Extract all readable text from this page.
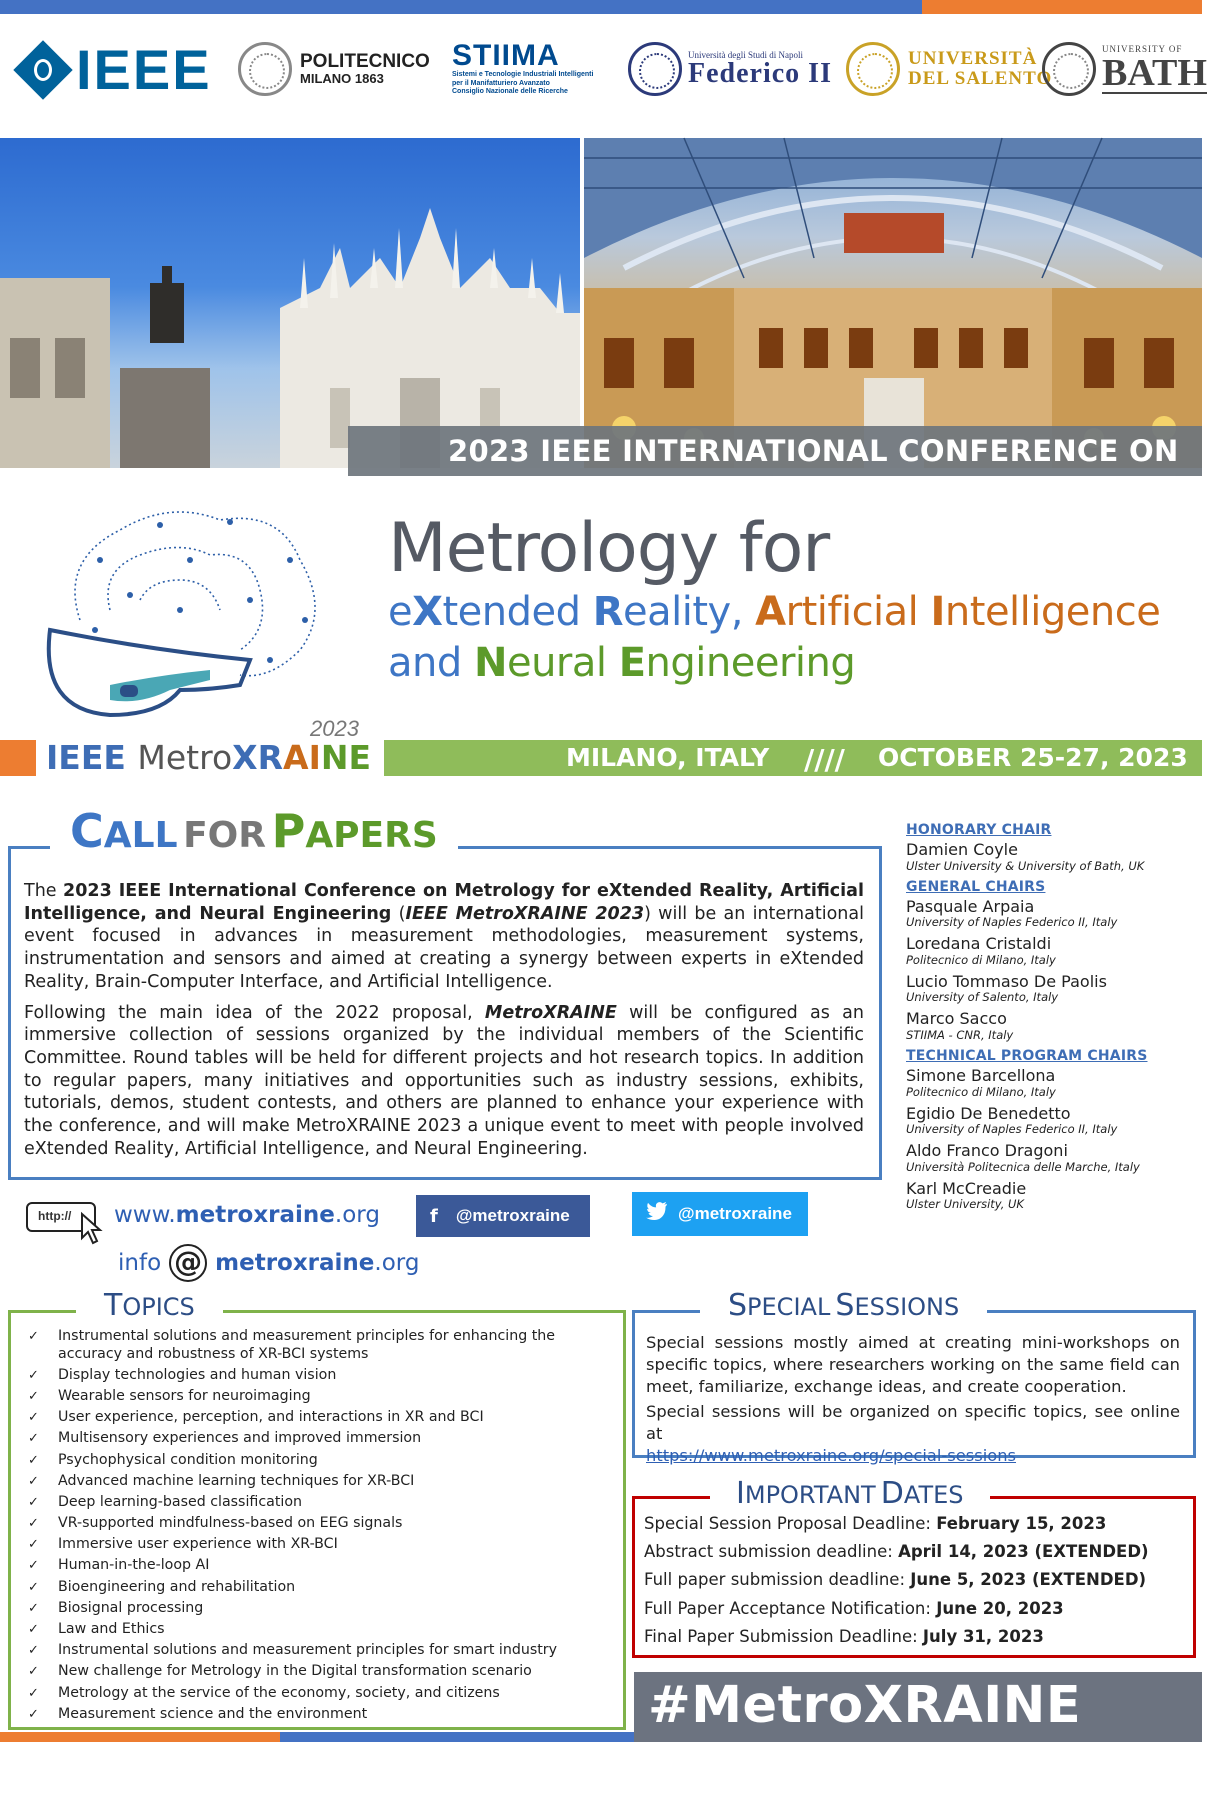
IEEE	POLITECNICO
MILANO 1863
STIIMA
Sistemi e Tecnologie Industriali Intelligenti per il Manifatturiero Avanzato
Consiglio Nazionale delle Ricerche
Università degli Studi di Napoli
Federico II	UNIVERSITÀ
DEL SALENTO
UNIVERSITY OF
BATH
2023 IEEE INTERNATIONAL CONFERENCE ON
2023
IEEE MetroXRAINE
Metrology for
eXtended Reality, Artificial Intelligence
and Neural Engineering
MILANO, ITALY //// OCTOBER 25-27, 2023
CALL FOR PAPERS

The 2023 IEEE International Conference on Metrology for eXtended Reality, Artificial Intelligence, and Neural Engineering (IEEE MetroXRAINE 2023) will be an international event focused in advances in measurement methodologies, measurement systems, instrumentation and sensors and aimed at creating a synergy between experts in eXtended Reality, Brain-Computer Interface, and Artificial Intelligence.

Following the main idea of the 2022 proposal, MetroXRAINE will be configured as an immersive collection of sessions organized by the individual members of the Scientific Committee. Round tables will be held for different projects and hot research topics. In addition to regular papers, many initiatives and opportunities such as industry sessions, exhibits, tutorials, demos, student contests, and others are planned to enhance your experience with the conference, and will make MetroXRAINE 2023 a unique event to meet with people involved eXtended Reality, Artificial Intelligence, and Neural Engineering.

HONORARY CHAIR
Damien Coyle
Ulster University & University of Bath, UK
GENERAL CHAIRS
Pasquale Arpaia
University of Naples Federico II, Italy
Loredana Cristaldi
Politecnico di Milano, Italy
Lucio Tommaso De Paolis
University of Salento, Italy
Marco Sacco
STIIMA - CNR, Italy
TECHNICAL PROGRAM CHAIRS
Simone Barcellona
Politecnico di Milano, Italy
Egidio De Benedetto
University of Naples Federico II, Italy
Aldo Franco Dragoni
Università Politecnica delle Marche, Italy
Karl McCreadie
Ulster University, UK
http://	www.metroxraine.org
info @ metroxraine .org
f @metroxraine	@metroxraine
TOPICS
✓ Instrumental solutions and measurement principles for enhancing the accuracy and robustness of XR-BCI systems
✓ Display technologies and human vision
✓ Wearable sensors for neuroimaging
✓ User experience, perception, and interactions in XR and BCI
✓ Multisensory experiences and improved immersion
✓ Psychophysical condition monitoring
✓ Advanced machine learning techniques for XR-BCI
✓ Deep learning-based classification
✓ VR-supported mindfulness-based on EEG signals
✓ Immersive user experience with XR-BCI
✓ Human-in-the-loop AI
✓ Bioengineering and rehabilitation
✓ Biosignal processing
✓ Law and Ethics
✓ Instrumental solutions and measurement principles for smart industry
✓ New challenge for Metrology in the Digital transformation scenario
✓ Metrology at the service of the economy, society, and citizens
✓ Measurement science and the environment
SPECIAL SESSIONS

Special sessions mostly aimed at creating mini-workshops on specific topics, where researchers working on the same field can meet, familiarize, exchange ideas, and create cooperation.

Special sessions will be organized on specific topics, see online at

https://www.metroxraine.org/special-sessions
IMPORTANT DATES
Special Session Proposal Deadline: February 15, 2023
Abstract submission deadline: April 14, 2023 (EXTENDED)
Full paper submission deadline: June 5, 2023 (EXTENDED)
Full Paper Acceptance Notification: June 20, 2023
Final Paper Submission Deadline: July 31, 2023
#MetroXRAINE 2023
